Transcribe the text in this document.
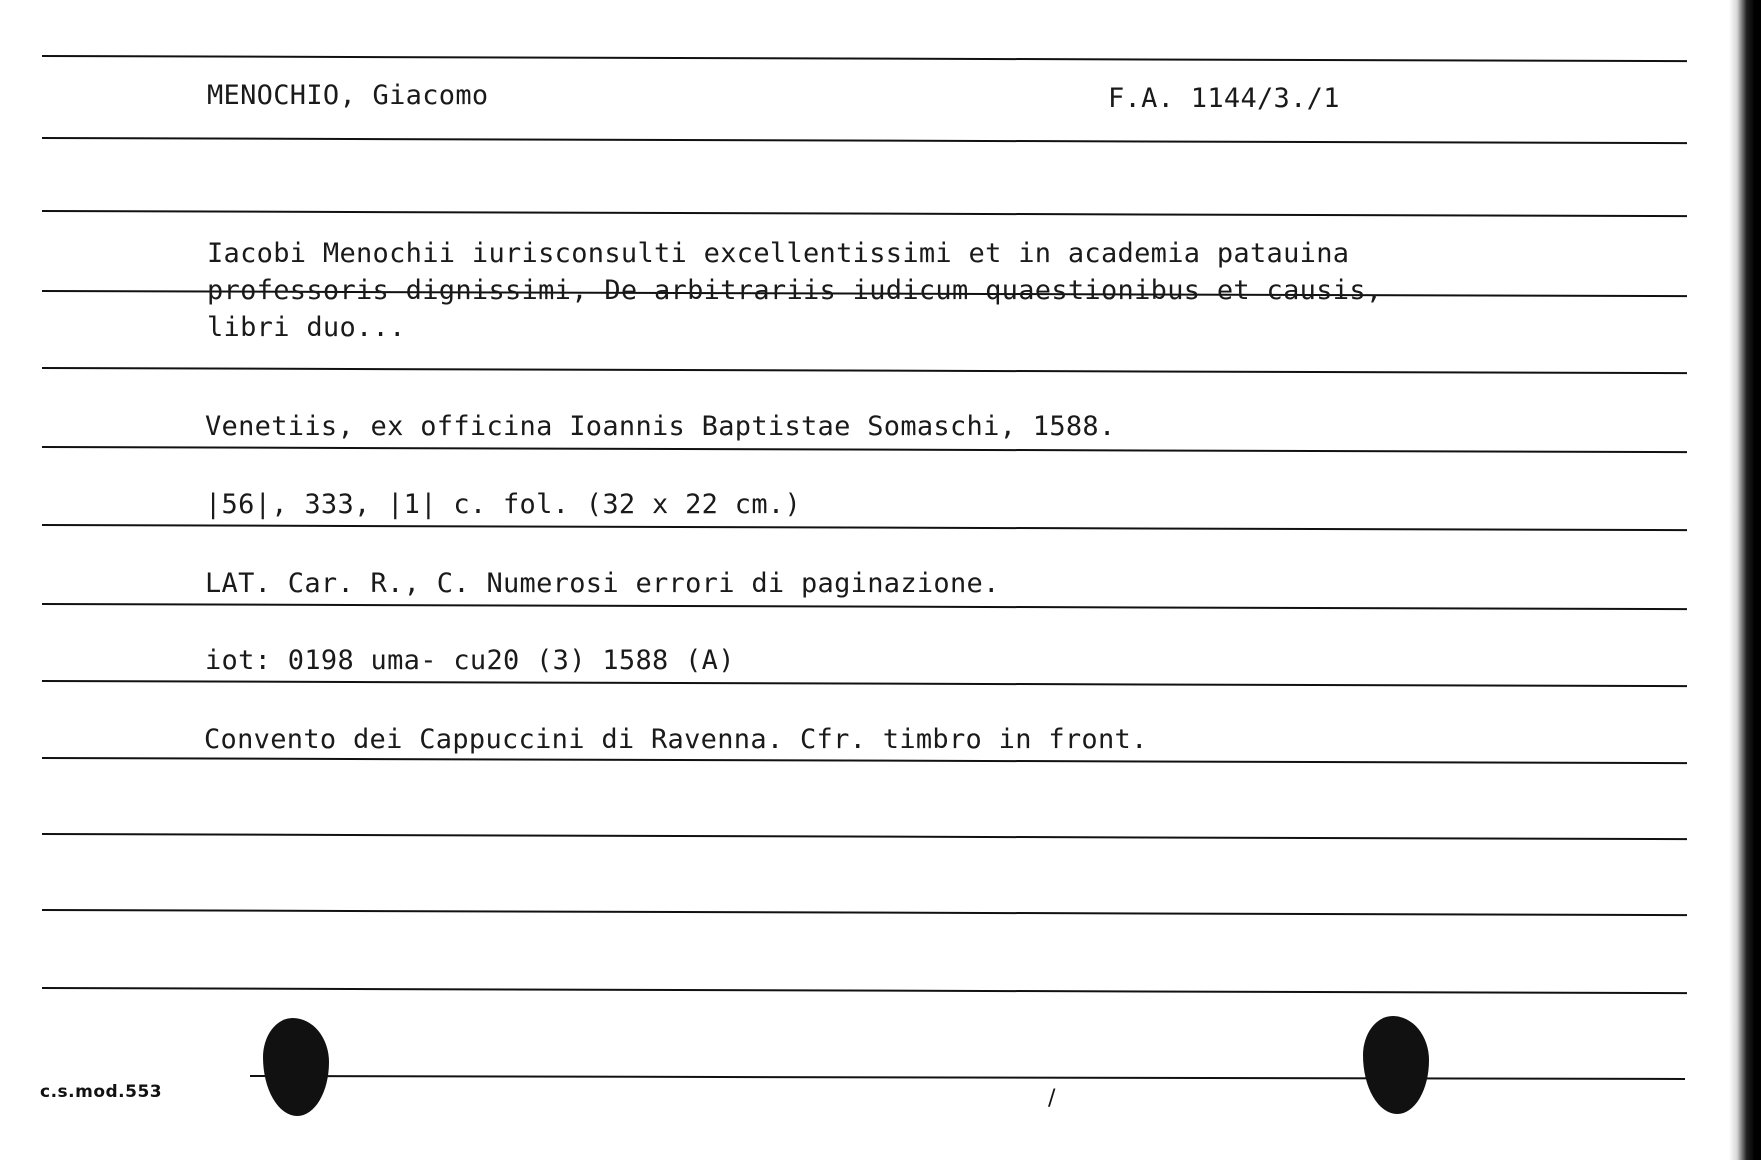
MENOCHIO, Giacomo	F.A. 1144/3./1
Iacobi Menochii iurisconsulti excellentissimi et in academia patauina
professoris dignissimi, De arbitrariis iudicum quaestionibus et causis,
libri duo...
Venetiis, ex officina Ioannis Baptistae Somaschi, 1588.
|56|, 333, |1| c. fol. (32 x 22 cm.)
LAT. Car. R., C. Numerosi errori di paginazione.
iot: 0198 uma- cu20 (3) 1588 (A)
Convento dei Cappuccini di Ravenna. Cfr. timbro in front.
c.s.mod.553	/
